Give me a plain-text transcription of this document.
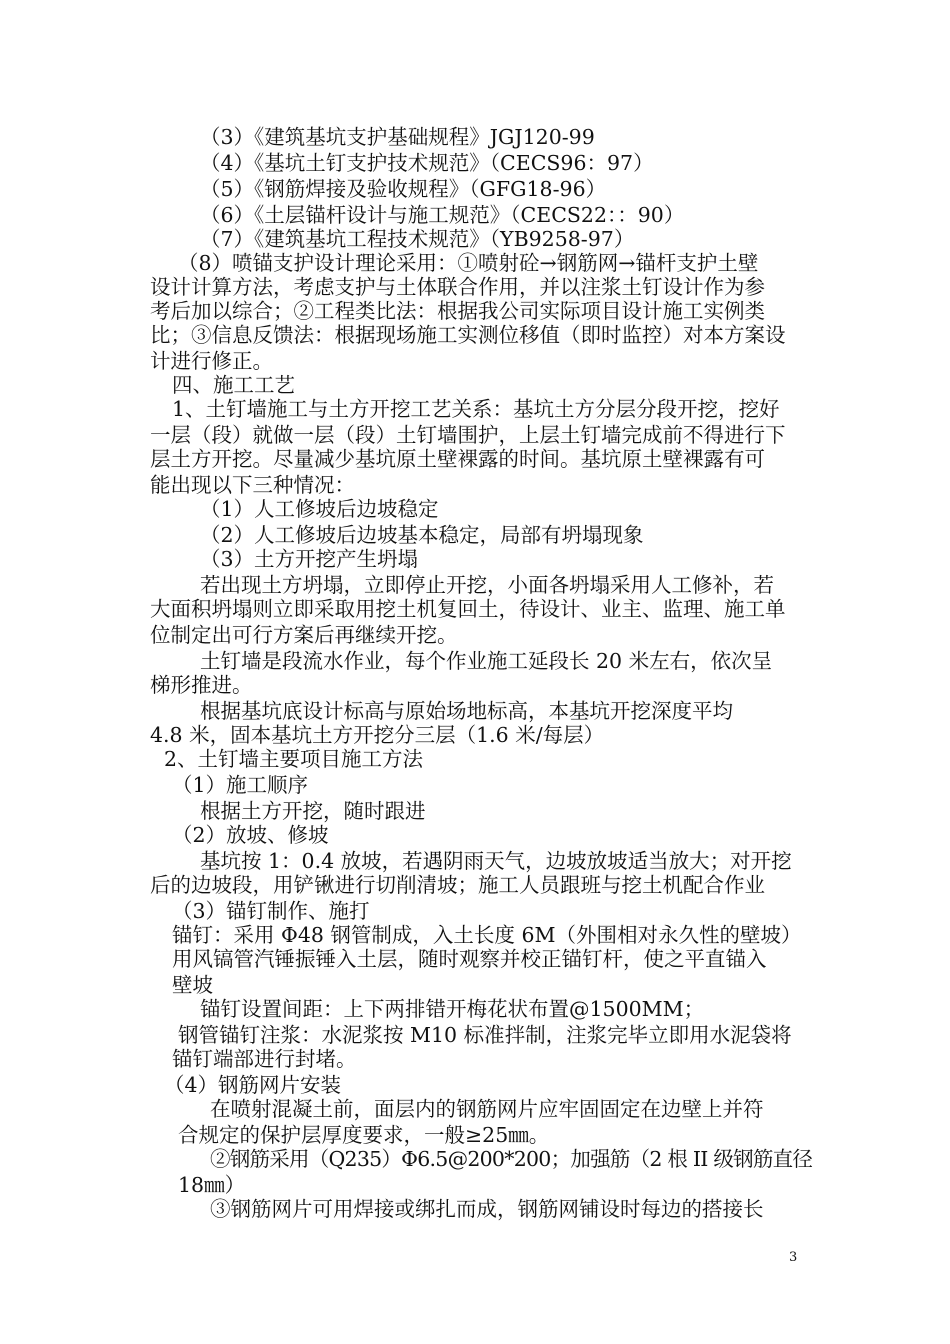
（3）《建筑基坑支护基础规程》JGJ120-99
（4）《基坑土钉支护技术规范》（CECS96：97）
（5）《钢筋焊接及验收规程》（GFG18-96）
（6）《土层锚杆设计与施工规范》（CECS22：：90）
（7）《建筑基坑工程技术规范》（YB9258-97）
（8）喷锚支护设计理论采用：①喷射砼→钢筋网→锚杆支护土壁
设计计算方法，考虑支护与土体联合作用，并以注浆土钉设计作为参
考后加以综合；②工程类比法：根据我公司实际项目设计施工实例类
比；③信息反馈法：根据现场施工实测位移值（即时监控）对本方案设
计进行修正。
四、施工工艺
1、土钉墙施工与土方开挖工艺关系：基坑土方分层分段开挖，挖好
一层（段）就做一层（段）土钉墙围护，上层土钉墙完成前不得进行下
层土方开挖。尽量减少基坑原土壁裸露的时间。基坑原土壁裸露有可
能出现以下三种情况：
（1）人工修坡后边坡稳定
（2）人工修坡后边坡基本稳定，局部有坍塌现象
（3）土方开挖产生坍塌
若出现土方坍塌，立即停止开挖，小面各坍塌采用人工修补，若
大面积坍塌则立即采取用挖土机复回土，待设计、业主、监理、施工单
位制定出可行方案后再继续开挖。
土钉墙是段流水作业，每个作业施工延段长 20 米左右，依次呈
梯形推进。
根据基坑底设计标高与原始场地标高，本基坑开挖深度平均
4.8 米，固本基坑土方开挖分三层（1.6 米/每层）
2、土钉墙主要项目施工方法
（1）施工顺序
根据土方开挖，随时跟进
（2）放坡、修坡
基坑按 1：0.4 放坡，若遇阴雨天气，边坡放坡适当放大；对开挖
后的边坡段，用铲锹进行切削清坡；施工人员跟班与挖土机配合作业
（3）锚钉制作、施打
锚钉：采用 Φ48 钢管制成，入土长度 6M（外围相对永久性的壁坡）
用风镐管汽锤振锤入土层，随时观察并校正锚钉杆，使之平直锚入
壁坡
锚钉设置间距：上下两排错开梅花状布置@1500MM；
钢管锚钉注浆：水泥浆按 M10 标准拌制，注浆完毕立即用水泥袋将
锚钉端部进行封堵。
（4）钢筋网片安装
在喷射混凝土前，面层内的钢筋网片应牢固固定在边壁上并符
合规定的保护层厚度要求，一般≥25㎜。
②钢筋采用（Q235）Φ6.5@200*200；加强筋（2 根 II 级钢筋直径
18㎜）
③钢筋网片可用焊接或绑扎而成，钢筋网铺设时每边的搭接长
3
